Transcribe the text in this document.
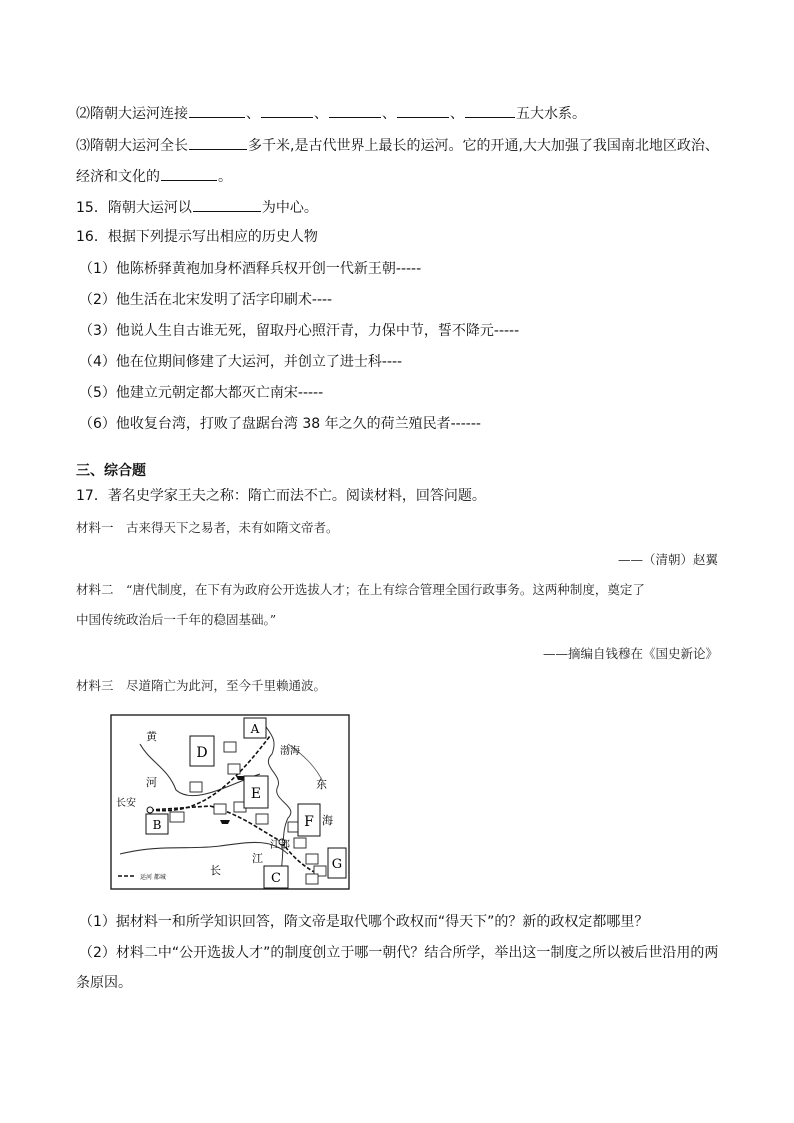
⑵隋朝大运河连接	、	、	、	、	五大水系。
⑶隋朝大运河全长	多千米,是古代世界上最长的运河。它的开通,大大加强了我国南北地区政治、
经济和文化的	。
15．隋朝大运河以	为中心。
16．根据下列提示写出相应的历史人物
（1）他陈桥驿黄袍加身杯酒释兵权开创一代新王朝-----
（2）他生活在北宋发明了活字印刷术----
（3）他说人生自古谁无死，留取丹心照汗青，力保中节，誓不降元-----
（4）他在位期间修建了大运河，并创立了进士科----
（5）他建立元朝定都大都灭亡南宋-----
（6）他收复台湾，打败了盘踞台湾 38 年之久的荷兰殖民者------
三、综合题
17．著名史学家王夫之称：隋亡而法不亡。阅读材料，回答问题。
材料一　古来得天下之易者，未有如隋文帝者。
——（清朝）赵翼
材料二　“唐代制度，在下有为政府公开选拔人才；在上有综合管理全国行政事务。这两种制度，奠定了
中国传统政治后一千年的稳固基础。”
——摘编自钱穆在《国史新论》
材料三　尽道隋亡为此河，至今千里赖通波。
A
D
E
F
B
G
C
黄
河
渤海
东
海
长安
江都
长
江
运河 都城
（1）据材料一和所学知识回答，隋文帝是取代哪个政权而“得天下”的？新的政权定都哪里？
（2）材料二中“公开选拔人才”的制度创立于哪一朝代？结合所学，举出这一制度之所以被后世沿用的两
条原因。
